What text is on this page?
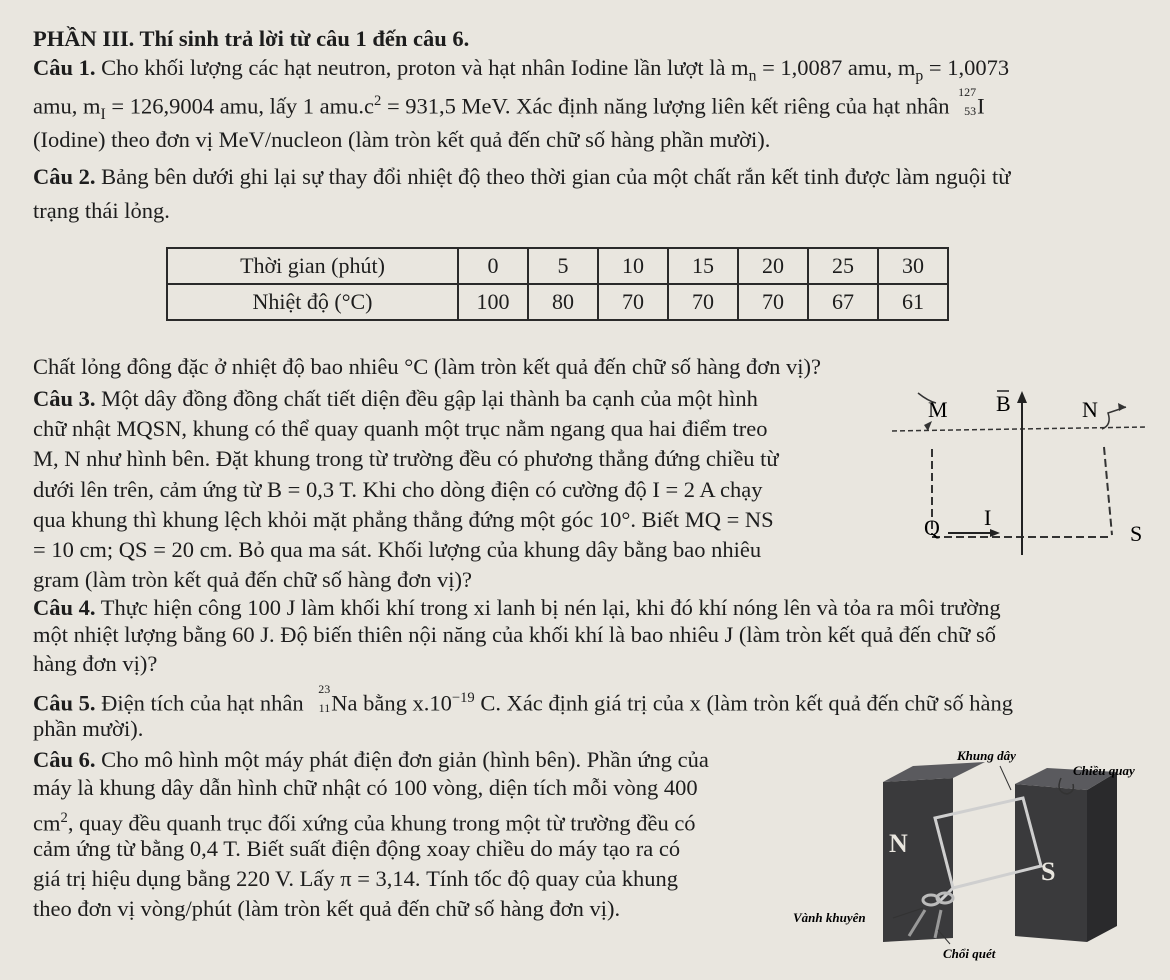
PHẦN III. Thí sinh trả lời từ câu 1 đến câu 6.
Câu 1. Cho khối lượng các hạt neutron, proton và hạt nhân Iodine lần lượt là $m_n = 1,0087$ amu, $m_p = 1,0073$
amu, $m_I = 126,9004$ amu, lấy 1 $amu.c^2 = 931,5$ MeV. Xác định năng lượng liên kết riêng của hạt nhân
127
53 I
(Iodine) theo đơn vị MeV/nucleon (làm tròn kết quả đến chữ số hàng phần mười).
Câu 2. Bảng bên dưới ghi lại sự thay đổi nhiệt độ theo thời gian của một chất rắn kết tinh được làm nguội từ
trạng thái lỏng.
Thời gian (phút)	0	5	10	15	20	25	30
Nhiệt độ (°C)	100	80	70	70	70	67	61
Chất lỏng đông đặc ở nhiệt độ bao nhiêu °C (làm tròn kết quả đến chữ số hàng đơn vị)?
Câu 3. Một dây đồng đồng chất tiết diện đều gập lại thành ba cạnh của một hình
chữ nhật MQSN, khung có thể quay quanh một trục nằm ngang qua hai điểm treo
M, N như hình bên. Đặt khung trong từ trường đều có phương thẳng đứng chiều từ
dưới lên trên, cảm ứng từ B = 0,3 T. Khi cho dòng điện có cường độ I = 2 A chạy
qua khung thì khung lệch khỏi mặt phẳng thẳng đứng một góc 10°. Biết MQ = NS
= 10 cm; QS = 20 cm. Bỏ qua ma sát. Khối lượng của khung dây bằng bao nhiêu
gram (làm tròn kết quả đến chữ số hàng đơn vị)?
M B	N
I
Q	S
Câu 4. Thực hiện công 100 J làm khối khí trong xi lanh bị nén lại, khi đó khí nóng lên và tỏa ra môi trường
một nhiệt lượng bằng 60 J. Độ biến thiên nội năng của khối khí là bao nhiêu J (làm tròn kết quả đến chữ số
hàng đơn vị)?
Câu 5. Điện tích của hạt nhân
23
11 Na bằng $x.10^{-19}$ C. Xác định giá trị của x (làm tròn kết quả đến chữ số hàng
phần mười).
Câu 6. Cho mô hình một máy phát điện đơn giản (hình bên). Phần ứng của
máy là khung dây dẫn hình chữ nhật có 100 vòng, diện tích mỗi vòng 400
$cm^2$, quay đều quanh trục đối xứng của khung trong một từ trường đều có
cảm ứng từ bằng 0,4 T. Biết suất điện động xoay chiều do máy tạo ra có
giá trị hiệu dụng bằng 220 V. Lấy π = 3,14. Tính tốc độ quay của khung
theo đơn vị vòng/phút (làm tròn kết quả đến chữ số hàng đơn vị).
Khung dây
Chiều quay
N
S
Vành khuyên
Chổi quét
